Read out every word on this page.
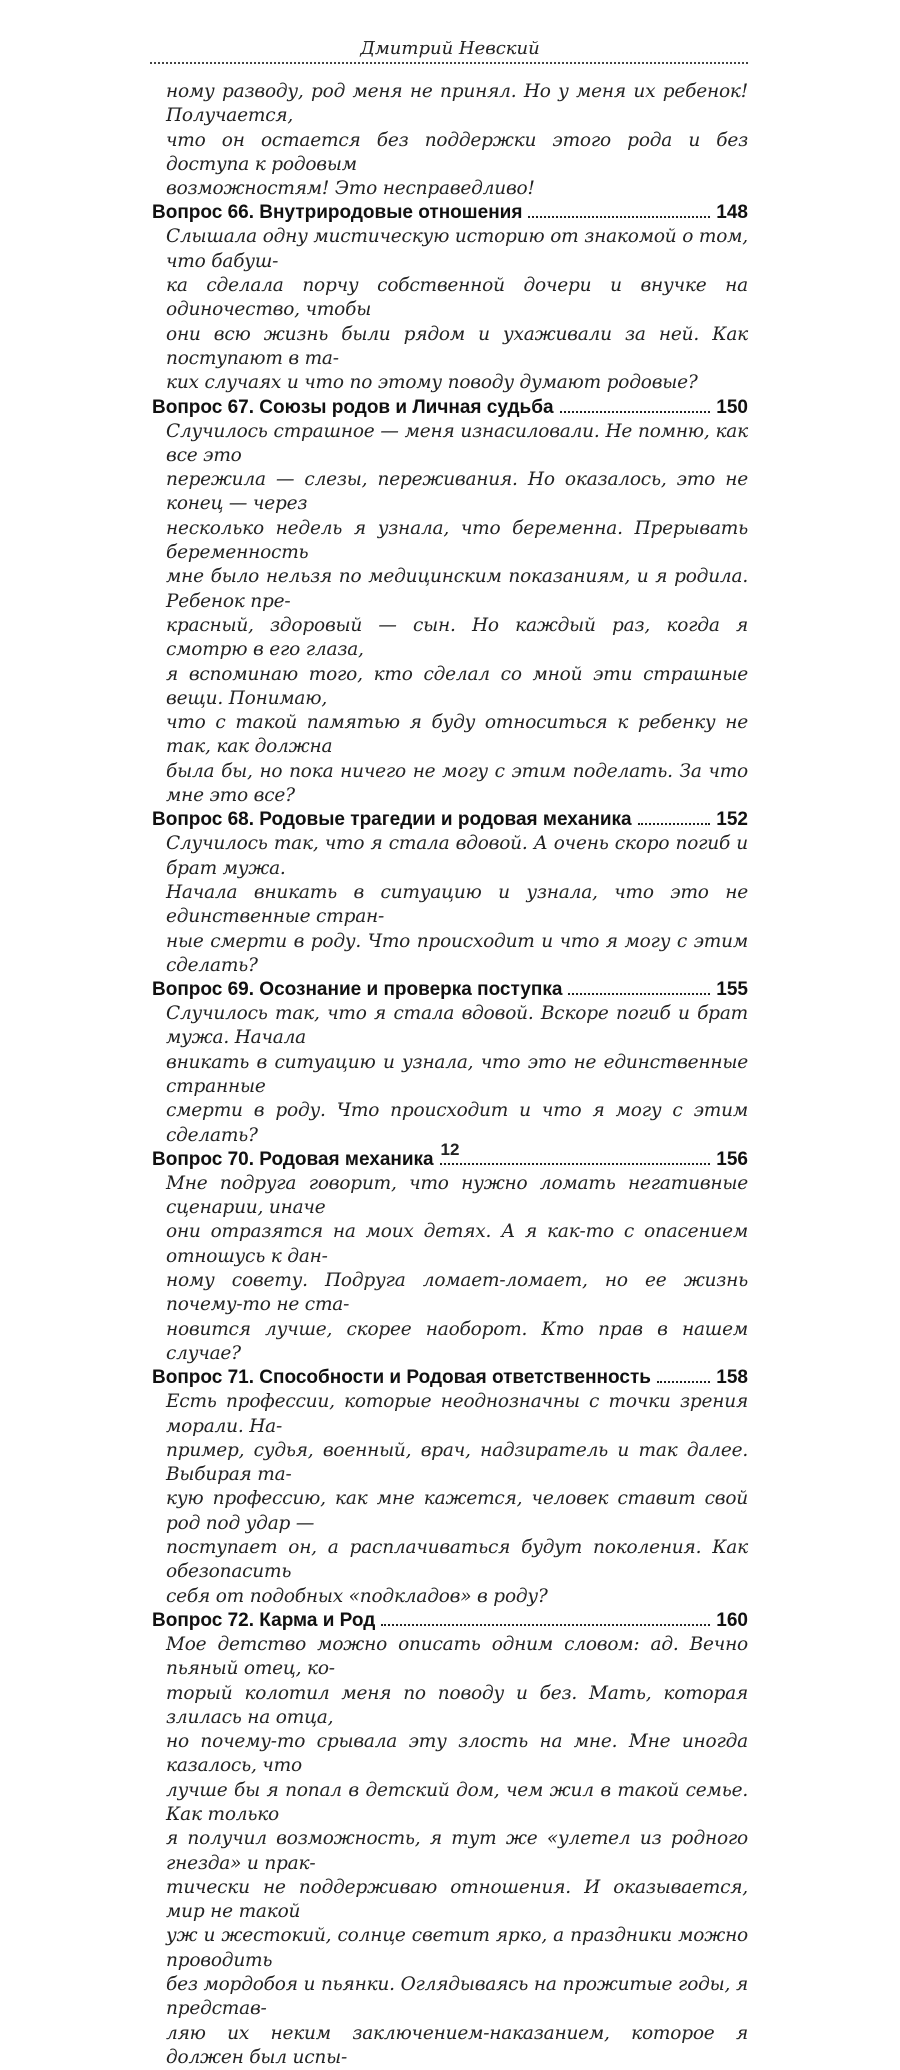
Дмитрий Невский

ному разводу, род меня не принял. Но у меня их ребенок! Получается,
что он остается без поддержки этого рода и без доступа к родовым
возможностям! Это несправедливо!

Вопрос 66. Внутриродовые отношения	148

Слышала одну мистическую историю от знакомой о том, что бабуш-
ка сделала порчу собственной дочери и внучке на одиночество, чтобы
они всю жизнь были рядом и ухаживали за ней. Как поступают в та-
ких случаях и что по этому поводу думают родовые?

Вопрос 67. Союзы родов и Личная судьба	150

Случилось страшное — меня изнасиловали. Не помню, как все это
пережила — слезы, переживания. Но оказалось, это не конец — через
несколько недель я узнала, что беременна. Прерывать беременность
мне было нельзя по медицинским показаниям, и я родила. Ребенок пре-
красный, здоровый — сын. Но каждый раз, когда я смотрю в его глаза,
я вспоминаю того, кто сделал со мной эти страшные вещи. Понимаю,
что с такой памятью я буду относиться к ребенку не так, как должна
была бы, но пока ничего не могу с этим поделать. За что мне это все?

Вопрос 68. Родовые трагедии и родовая механика	152

Случилось так, что я стала вдовой. А очень скоро погиб и брат мужа.
Начала вникать в ситуацию и узнала, что это не единственные стран-
ные смерти в роду. Что происходит и что я могу с этим сделать?

Вопрос 69. Осознание и проверка поступка	155

Случилось так, что я стала вдовой. Вскоре погиб и брат мужа. Начала
вникать в ситуацию и узнала, что это не единственные странные
смерти в роду. Что происходит и что я могу с этим сделать?

Вопрос 70. Родовая механика	156

Мне подруга говорит, что нужно ломать негативные сценарии, иначе
они отразятся на моих детях. А я как-то с опасением отношусь к дан-
ному совету. Подруга ломает-ломает, но ее жизнь почему-то не ста-
новится лучше, скорее наоборот. Кто прав в нашем случае?

Вопрос 71. Способности и Родовая ответственность	158

Есть профессии, которые неоднозначны с точки зрения морали. На-
пример, судья, военный, врач, надзиратель и так далее. Выбирая та-
кую профессию, как мне кажется, человек ставит свой род под удар —
поступает он, а расплачиваться будут поколения. Как обезопасить
себя от подобных «подкладов» в роду?

Вопрос 72. Карма и Род	160

Мое детство можно описать одним словом: ад. Вечно пьяный отец, ко-
торый колотил меня по поводу и без. Мать, которая злилась на отца,
но почему-то срывала эту злость на мне. Мне иногда казалось, что
лучше бы я попал в детский дом, чем жил в такой семье. Как только
я получил возможность, я тут же «улетел из родного гнезда» и прак-
тически не поддерживаю отношения. И оказывается, мир не такой
уж и жестокий, солнце светит ярко, а праздники можно проводить
без мордобоя и пьянки. Оглядываясь на прожитые годы, я представ-
ляю их неким заключением-наказанием, которое я должен был испы-

12
